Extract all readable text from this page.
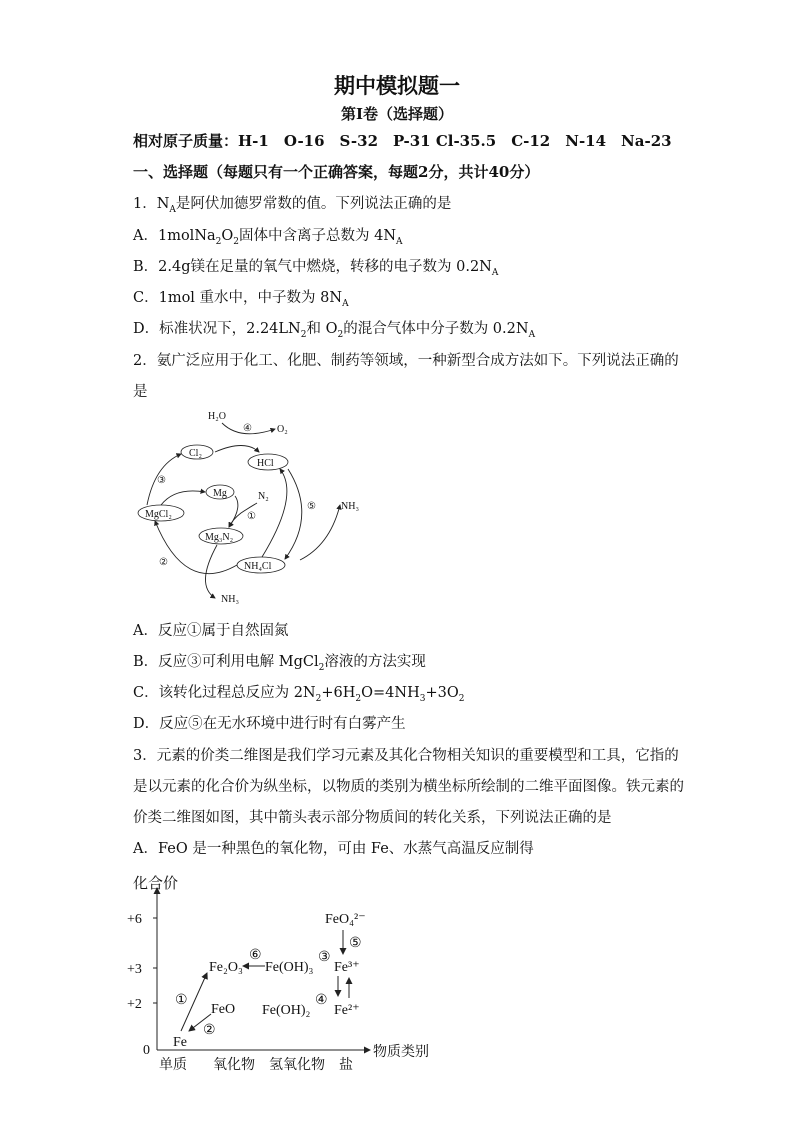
期中模拟题一
第Ⅰ卷（选择题）
相对原子质量：H-1　O-16　S-32　P-31 Cl-35.5　C-12　N-14　Na-23
一、选择题（每题只有一个正确答案，每题2分，共计40分）
1．$N_A$是阿伏加德罗常数的值。下列说法正确的是
A．$1molNa_2O_2$固体中含离子总数为 $4N_A$
B．2.4g镁在足量的氧气中燃烧，转移的电子数为 $0.2N_A$
C．1mol 重水中，中子数为 $8N_A$
D．标准状况下，$2.24LN_2$和 $O_2$的混合气体中分子数为 $0.2N_A$
2．氨广泛应用于化工、化肥、制药等领域，一种新型合成方法如下。下列说法正确的
是
H₂O
O₂
④
Cl₂
HCl
③
Mg	N₂
⑤	NH₃
MgCl₂	①
Mg₃N₂
②	NH₄Cl
NH₃
A．反应①属于自然固氮
B．反应③可利用电解 MgCl$_2$溶液的方法实现
C．该转化过程总反应为 $2N_2+6H_2O=4NH_3+3O_2$
D．反应⑤在无水环境中进行时有白雾产生
3．元素的价类二维图是我们学习元素及其化合物相关知识的重要模型和工具，它指的
是以元素的化合价为纵坐标，以物质的类别为横坐标所绘制的二维平面图像。铁元素的
价类二维图如图，其中箭头表示部分物质间的转化关系，下列说法正确的是
A．FeO 是一种黑色的氧化物，可由 Fe、水蒸气高温反应制得
化合价
物质类别
+6
+3
+2
0
单质 氧化物 氢氧化物 盐
Fe
Fe₂O₃
FeO
Fe(OH)₃
Fe(OH)₂
Fe³⁺
Fe²⁺
FeO₄²⁻
①
②
③
④
⑤
⑥
